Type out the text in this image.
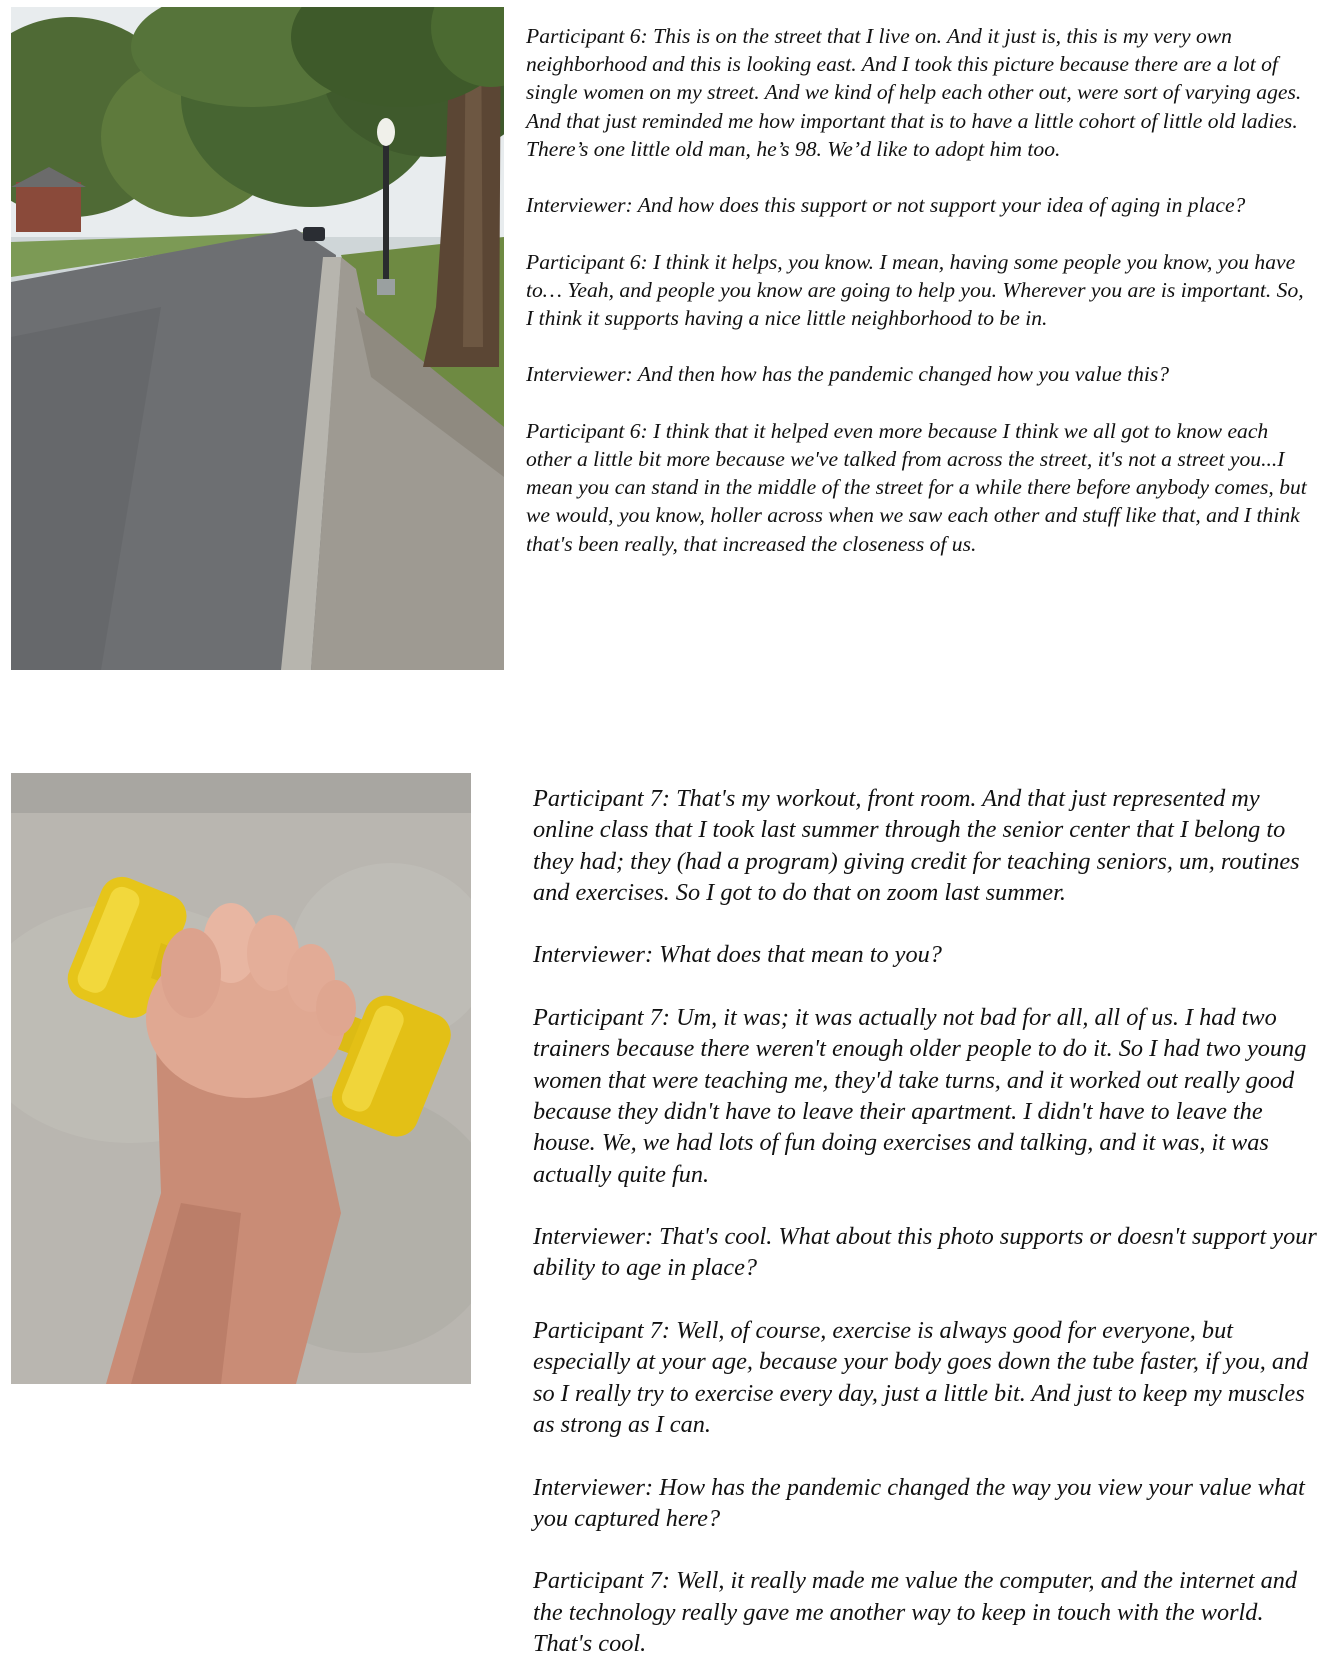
Participant 6: This is on the street that I live on. And it just is, this is my very own neighborhood and this is looking east. And I took this picture because there are a lot of single women on my street. And we kind of help each other out, were sort of varying ages. And that just reminded me how important that is to have a little cohort of little old ladies. There’s one little old man, he’s 98. We’d like to adopt him too.

Interviewer: And how does this support or not support your idea of aging in place?

Participant 6: I think it helps, you know. I mean, having some people you know, you have to… Yeah, and people you know are going to help you. Wherever you are is important. So, I think it supports having a nice little neighborhood to be in.

Interviewer: And then how has the pandemic changed how you value this?

Participant 6: I think that it helped even more because I think we all got to know each other a little bit more because we've talked from across the street, it's not a street you...I mean you can stand in the middle of the street for a while there before anybody comes, but we would, you know, holler across when we saw each other and stuff like that, and I think that's been really, that increased the closeness of us.

Participant 7: That's my workout, front room. And that just represented my online class that I took last summer through the senior center that I belong to they had; they (had a program) giving credit for teaching seniors, um, routines and exercises. So I got to do that on zoom last summer.

Interviewer: What does that mean to you?

Participant 7: Um, it was; it was actually not bad for all, all of us. I had two trainers because there weren't enough older people to do it. So I had two young women that were teaching me, they'd take turns, and it worked out really good because they didn't have to leave their apartment. I didn't have to leave the house. We, we had lots of fun doing exercises and talking, and it was, it was actually quite fun.

Interviewer: That's cool. What about this photo supports or doesn't support your ability to age in place?

Participant 7: Well, of course, exercise is always good for everyone, but especially at your age, because your body goes down the tube faster, if you, and so I really try to exercise every day, just a little bit. And just to keep my muscles as strong as I can.

Interviewer: How has the pandemic changed the way you view your value what you captured here?

Participant 7: Well, it really made me value the computer, and the internet and the technology really gave me another way to keep in touch with the world. That's cool.
